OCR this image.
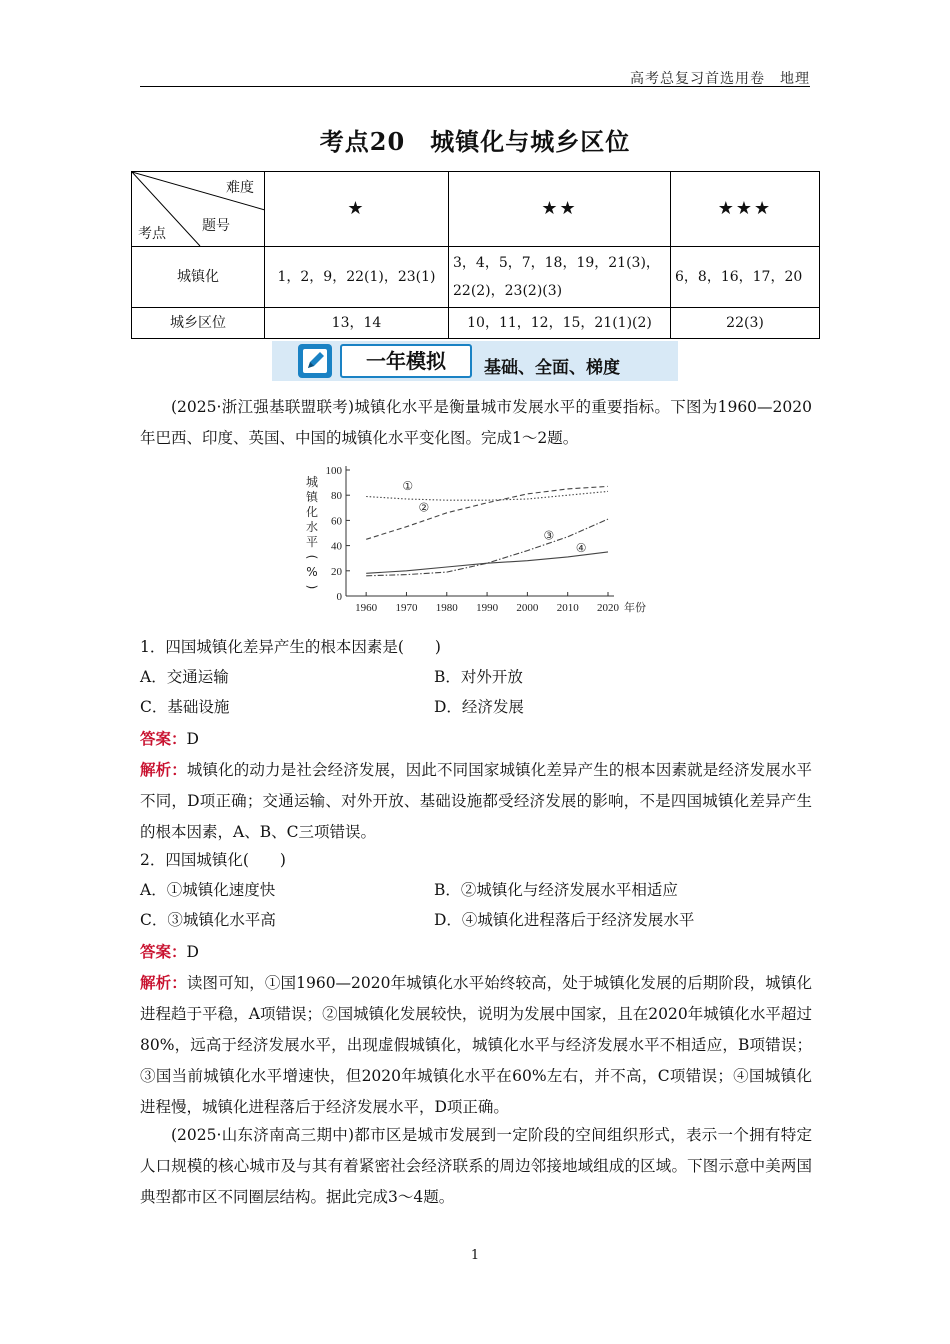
高考总复习首选用卷　地理
考点20　城镇化与城乡区位
难度
题号
考点	★	★★	★★★
城镇化	1，2，9，22(1)，23(1)	3，4，5，7，18，19，21(3)，22(2)，23(2)(3)	6，8，16，17，20
城乡区位	13，14	10，11，12，15，21(1)(2)	22(3)
一年模拟	基础、全面、梯度
(2025·浙江强基联盟联考)城镇化水平是衡量城市发展水平的重要指标。下图为1960—2020年巴西、印度、英国、中国的城镇化水平变化图。完成1～2题。
0
20
40
60
80
100
1960 1970 1980 1990 2000 2010 2020 年份
城
镇
化
水
平
(
%
)
①
②
③
④
1．四国城镇化差异产生的根本因素是(　　)
A．交通运输	B．对外开放
C．基础设施	D．经济发展
答案：D
解析：城镇化的动力是社会经济发展，因此不同国家城镇化差异产生的根本因素就是经济发展水平不同，D项正确；交通运输、对外开放、基础设施都受经济发展的影响，不是四国城镇化差异产生的根本因素，A、B、C三项错误。
2．四国城镇化(　　)
A．①城镇化速度快	B．②城镇化与经济发展水平相适应
C．③城镇化水平高	D．④城镇化进程落后于经济发展水平
答案：D
解析：读图可知，①国1960—2020年城镇化水平始终较高，处于城镇化发展的后期阶段，城镇化进程趋于平稳，A项错误；②国城镇化发展较快，说明为发展中国家，且在2020年城镇化水平超过80%，远高于经济发展水平，出现虚假城镇化，城镇化水平与经济发展水平不相适应，B项错误；③国当前城镇化水平增速快，但2020年城镇化水平在60%左右，并不高，C项错误；④国城镇化进程慢，城镇化进程落后于经济发展水平，D项正确。
(2025·山东济南高三期中)都市区是城市发展到一定阶段的空间组织形式，表示一个拥有特定人口规模的核心城市及与其有着紧密社会经济联系的周边邻接地域组成的区域。下图示意中美两国典型都市区不同圈层结构。据此完成3～4题。
1
